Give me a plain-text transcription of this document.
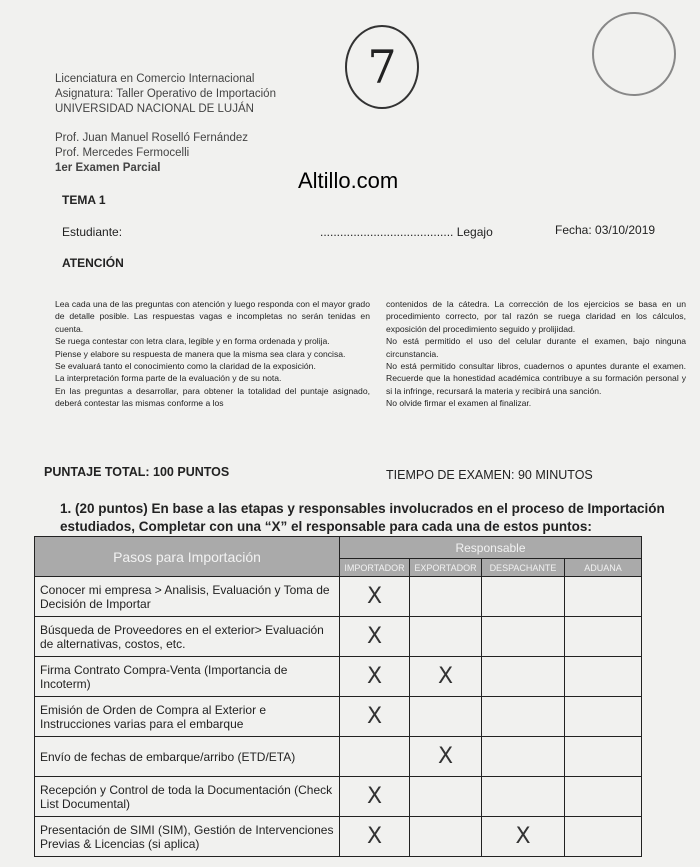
7
Licenciatura en Comercio Internacional
Asignatura: Taller Operativo de Importación
UNIVERSIDAD NACIONAL DE LUJÁN
Prof. Juan Manuel Roselló Fernández
Prof. Mercedes Fermocelli
1er Examen Parcial	Altillo.com
TEMA 1
Estudiante:	........................................ Legajo	Fecha: 03/10/2019
ATENCIÓN
Lea cada una de las preguntas con atención y luego responda con el mayor grado de detalle posible. Las respuestas vagas e incompletas no serán tenidas en cuenta.
Se ruega contestar con letra clara, legible y en forma ordenada y prolija.
Piense y elabore su respuesta de manera que la misma sea clara y concisa.
Se evaluará tanto el conocimiento como la claridad de la exposición.
La interpretación forma parte de la evaluación y de su nota.
En las preguntas a desarrollar, para obtener la totalidad del puntaje asignado, deberá contestar las mismas conforme a los
contenidos de la cátedra. La corrección de los ejercicios se basa en un procedimiento correcto, por tal razón se ruega claridad en los cálculos, exposición del procedimiento seguido y prolijidad.
No está permitido el uso del celular durante el examen, bajo ninguna circunstancia.
No está permitido consultar libros, cuadernos o apuntes durante el examen. Recuerde que la honestidad académica contribuye a su formación personal y si la infringe, recursará la materia y recibirá una sanción.
No olvide firmar el examen al finalizar.
PUNTAJE TOTAL: 100 PUNTOS	TIEMPO DE EXAMEN: 90 MINUTOS
1. (20 puntos) En base a las etapas y responsables involucrados en el proceso de Importación estudiados, Completar con una “X” el responsable para cada una de estos puntos:
Pasos para Importación	Responsable			
	IMPORTADOR	EXPORTADOR	DESPACHANTE	ADUANA
Conocer mi empresa > Analisis, Evaluación y Toma de Decisión de Importar	X			
Búsqueda de Proveedores en el exterior> Evaluación de alternativas, costos, etc.	X			
Firma Contrato Compra-Venta (Importancia de Incoterm)	X	X		
Emisión de Orden de Compra al Exterior e Instrucciones varias para el embarque	X			
Envío de fechas de embarque/arribo (ETD/ETA)		X		
Recepción y Control de toda la Documentación (Check List Documental)	X			
Presentación de SIMI (SIM), Gestión de Intervenciones Previas & Licencias (si aplica)	X		X	
